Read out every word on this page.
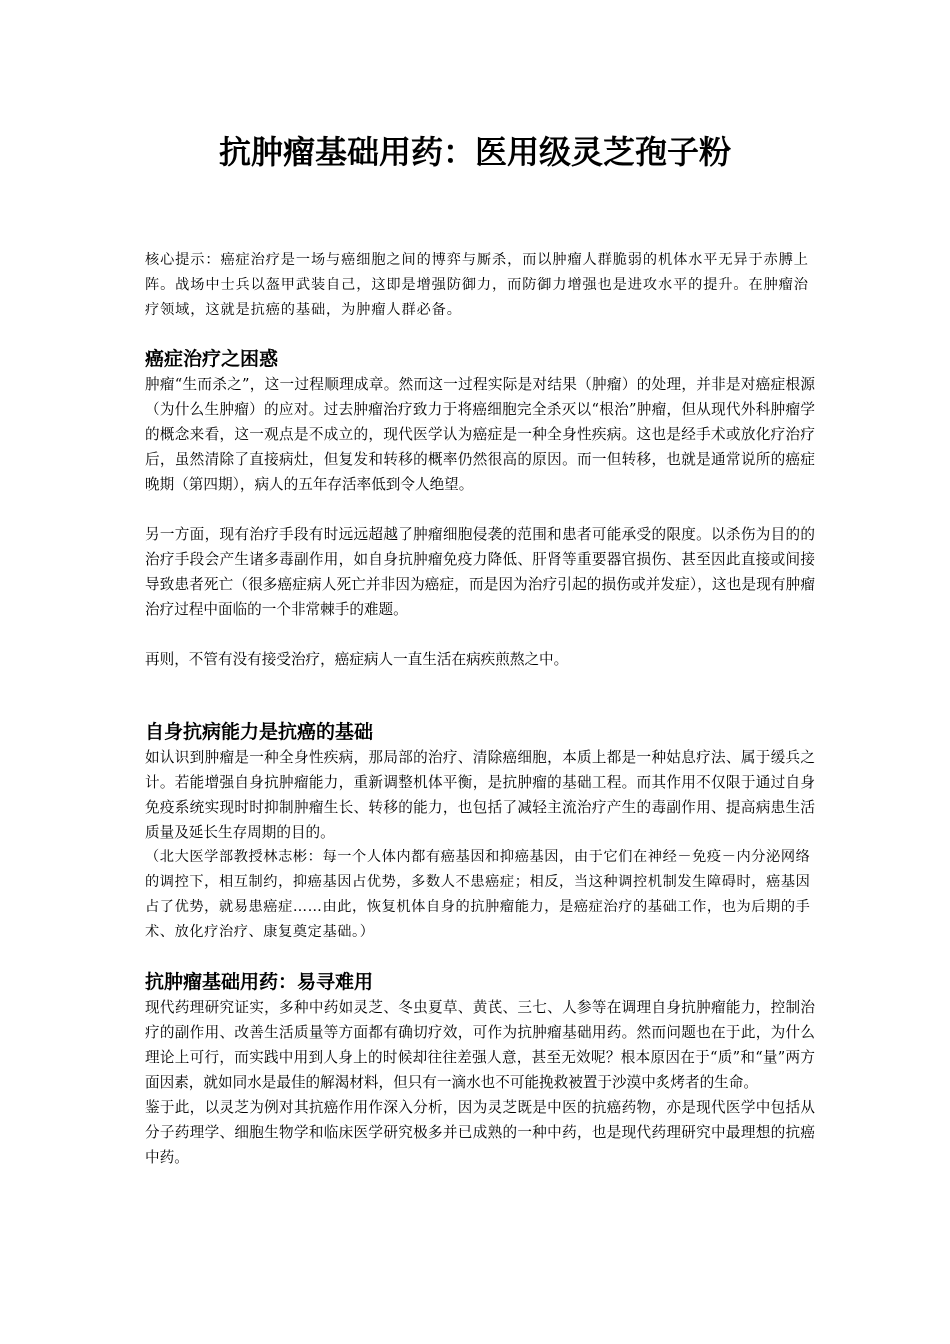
抗肿瘤基础用药：医用级灵芝孢子粉

核心提示：癌症治疗是一场与癌细胞之间的博弈与厮杀，而以肿瘤人群脆弱的机体水平无异于赤膊上阵。战场中士兵以盔甲武装自己，这即是增强防御力，而防御力增强也是进攻水平的提升。在肿瘤治疗领域，这就是抗癌的基础，为肿瘤人群必备。

癌症治疗之困惑

肿瘤“生而杀之”，这一过程顺理成章。然而这一过程实际是对结果（肿瘤）的处理，并非是对癌症根源（为什么生肿瘤）的应对。过去肿瘤治疗致力于将癌细胞完全杀灭以“根治”肿瘤，但从现代外科肿瘤学的概念来看，这一观点是不成立的，现代医学认为癌症是一种全身性疾病。这也是经手术或放化疗治疗后，虽然清除了直接病灶，但复发和转移的概率仍然很高的原因。而一但转移，也就是通常说所的癌症晚期（第四期），病人的五年存活率低到令人绝望。

另一方面，现有治疗手段有时远远超越了肿瘤细胞侵袭的范围和患者可能承受的限度。以杀伤为目的的治疗手段会产生诸多毒副作用，如自身抗肿瘤免疫力降低、肝肾等重要器官损伤、甚至因此直接或间接导致患者死亡（很多癌症病人死亡并非因为癌症，而是因为治疗引起的损伤或并发症），这也是现有肿瘤治疗过程中面临的一个非常棘手的难题。

再则，不管有没有接受治疗，癌症病人一直生活在病疾煎熬之中。

自身抗病能力是抗癌的基础

如认识到肿瘤是一种全身性疾病，那局部的治疗、清除癌细胞，本质上都是一种姑息疗法、属于缓兵之计。若能增强自身抗肿瘤能力，重新调整机体平衡，是抗肿瘤的基础工程。而其作用不仅限于通过自身免疫系统实现时时抑制肿瘤生长、转移的能力，也包括了减轻主流治疗产生的毒副作用、提高病患生活质量及延长生存周期的目的。

（北大医学部教授林志彬：每一个人体内都有癌基因和抑癌基因，由于它们在神经－免疫－内分泌网络的调控下，相互制约，抑癌基因占优势，多数人不患癌症；相反，当这种调控机制发生障碍时，癌基因占了优势，就易患癌症……由此，恢复机体自身的抗肿瘤能力，是癌症治疗的基础工作，也为后期的手术、放化疗治疗、康复奠定基础。）

抗肿瘤基础用药：易寻难用

现代药理研究证实，多种中药如灵芝、冬虫夏草、黄芪、三七、人参等在调理自身抗肿瘤能力，控制治疗的副作用、改善生活质量等方面都有确切疗效，可作为抗肿瘤基础用药。然而问题也在于此，为什么理论上可行，而实践中用到人身上的时候却往往差强人意，甚至无效呢？根本原因在于“质”和“量”两方面因素，就如同水是最佳的解渴材料，但只有一滴水也不可能挽救被置于沙漠中炙烤者的生命。

鉴于此，以灵芝为例对其抗癌作用作深入分析，因为灵芝既是中医的抗癌药物，亦是现代医学中包括从分子药理学、细胞生物学和临床医学研究极多并已成熟的一种中药，也是现代药理研究中最理想的抗癌中药。
